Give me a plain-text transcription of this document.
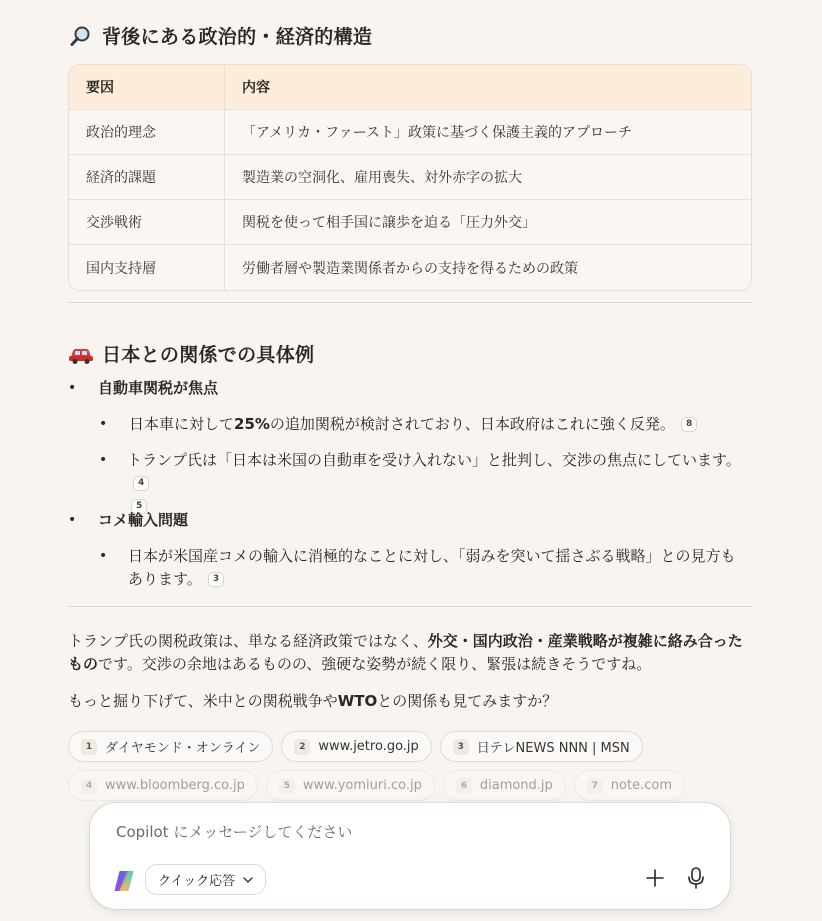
背後にある政治的・経済的構造
要因	内容
政治的理念	「アメリカ・ファースト」政策に基づく保護主義的アプローチ
経済的課題	製造業の空洞化、雇用喪失、対外赤字の拡大
交渉戦術	関税を使って相手国に譲歩を迫る「圧力外交」
国内支持層	労働者層や製造業関係者からの支持を得るための政策
日本との関係での具体例
• 自動車関税が焦点
• 日本車に対して25%の追加関税が検討されており、日本政府はこれに強く反発。 8
• トランプ氏は「日本は米国の自動車を受け入れない」と批判し、交渉の焦点にしています。4
5
• コメ輸入問題
• 日本が米国産コメの輸入に消極的なことに対し、「弱みを突いて揺さぶる戦略」との見方もあります。 3

トランプ氏の関税政策は、単なる経済政策ではなく、外交・国内政治・産業戦略が複雑に絡み合ったものです。交渉の余地はあるものの、強硬な姿勢が続く限り、緊張は続きそうですね。

もっと掘り下げて、米中との関税戦争やWTOとの関係も見てみますか？

1 ダイヤモンド・オンライン	2 www.jetro.go.jp	3 日テレNEWS NNN | MSN
4 www.bloomberg.co.jp	5 www.yomiuri.co.jp	6 diamond.jp	7 note.com
Copilot にメッセージしてください
クイック応答
